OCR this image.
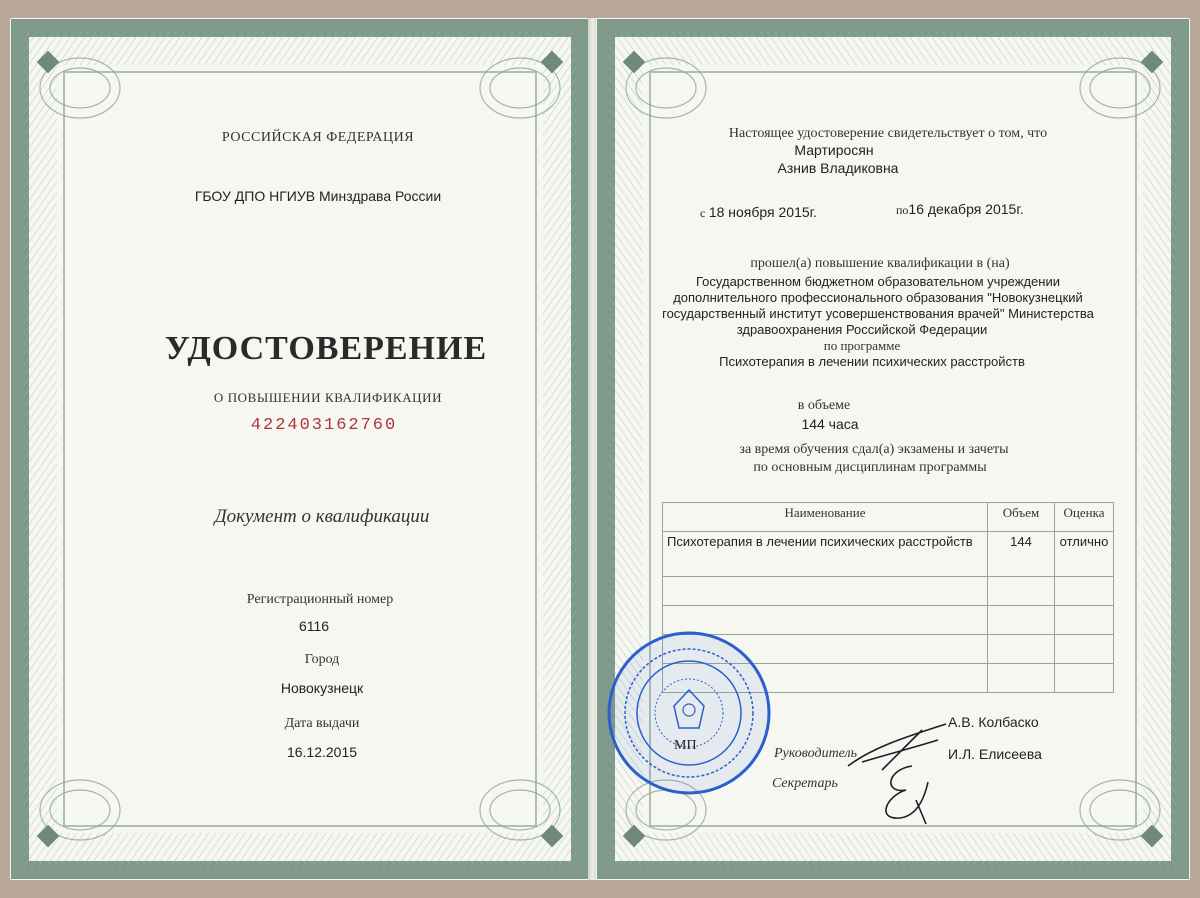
РОССИЙСКАЯ ФЕДЕРАЦИЯ
ГБОУ ДПО НГИУВ Минздрава России
УДОСТОВЕРЕНИЕ
О ПОВЫШЕНИИ КВАЛИФИКАЦИИ
422403162760
Документ о квалификации
Регистрационный номер
6116
Город
Новокузнецк
Дата выдачи
16.12.2015
Настоящее удостоверение свидетельствует о том, что
Мартиросян
Азнив Владиковна
с 18 ноября 2015г.	по16 декабря 2015г.
прошел(а) повышение квалификации в (на)
Государственном бюджетном образовательном учреждении
дополнительного профессионального образования "Новокузнецкий
государственный институт усовершенствования врачей" Министерства
здравоохранения Российской Федерации
по программе
Психотерапия в лечении психических расстройств
в объеме
144 часа
за время обучения сдал(а) экзамены и зачеты
по основным дисциплинам программы
Наименование	Объем	Оценка
Психотерапия в лечении психических расстройств	144	отлично

МП
Руководитель
А.В. Колбаско
Секретарь
И.Л. Елисеева
